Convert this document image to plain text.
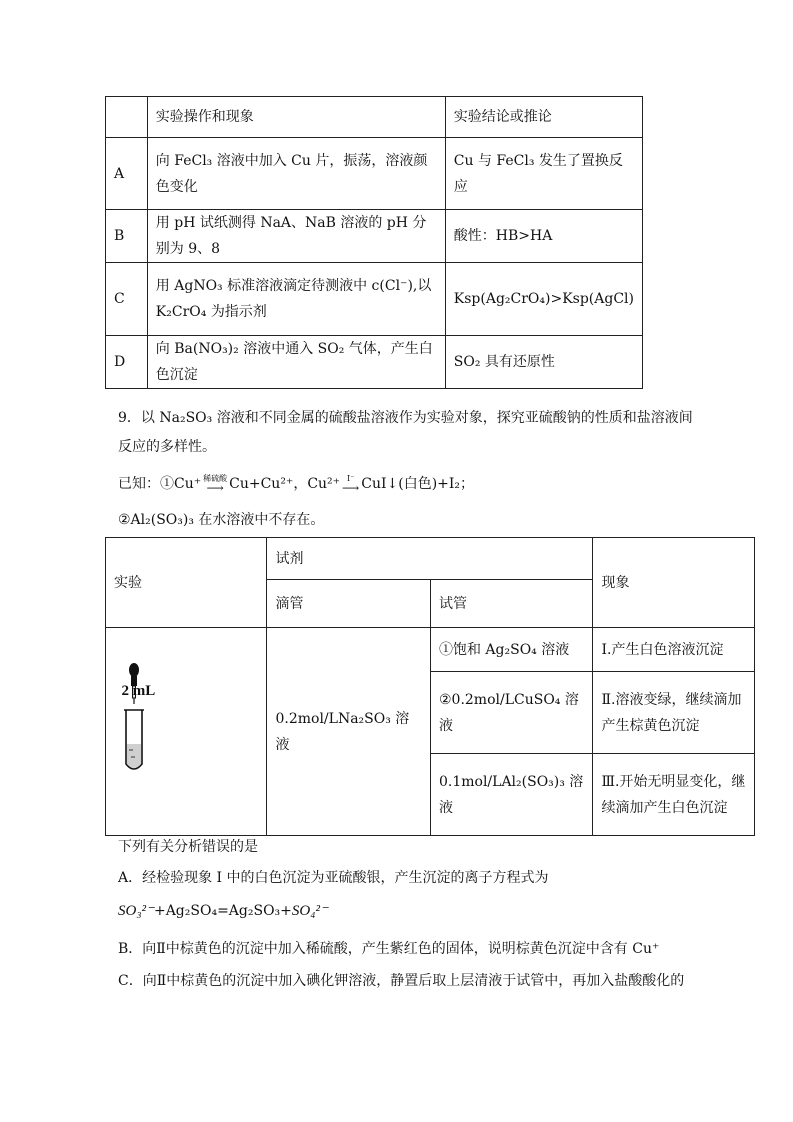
	实验操作和现象	实验结论或推论
A	向 FeCl₃ 溶液中加入 Cu 片，振荡，溶液颜色变化	Cu 与 FeCl₃ 发生了置换反应
B	用 pH 试纸测得 NaA、NaB 溶液的 pH 分别为 9、8	酸性：HB>HA
C	用 AgNO₃ 标准溶液滴定待测液中 c(Cl⁻),以 K₂CrO₄ 为指示剂	Ksp(Ag₂CrO₄)>Ksp(AgCl)
D	向 Ba(NO₃)₂ 溶液中通入 SO₂ 气体，产生白色沉淀	SO₂ 具有还原性
9．以 Na₂SO₃ 溶液和不同金属的硫酸盐溶液作为实验对象，探究亚硫酸钠的性质和盐溶液间
反应的多样性。
已知：①Cu⁺ 稀硫酸
⟶ Cu+Cu²⁺，Cu²⁺ I⁻
⟶ CuI↓(白色)+I₂；
②Al₂(SO₃)₃ 在水溶液中不存在。
实验	试剂		现象
	滴管	试管	

2 mL	0.2mol/LNa₂SO₃ 溶液	①饱和 Ag₂SO₄ 溶液	I.产生白色溶液沉淀
		②0.2mol/LCuSO₄ 溶液	Ⅱ.溶液变绿，继续滴加产生棕黄色沉淀
		0.1mol/LAl₂(SO₃)₃ 溶液	Ⅲ.开始无明显变化，继续滴加产生白色沉淀
下列有关分析错误的是
A．经检验现象 I 中的白色沉淀为亚硫酸银，产生沉淀的离子方程式为
SO₃²⁻+Ag₂SO₄=Ag₂SO₃+SO₄²⁻
B．向Ⅱ中棕黄色的沉淀中加入稀硫酸，产生紫红色的固体，说明棕黄色沉淀中含有 Cu⁺
C．向Ⅱ中棕黄色的沉淀中加入碘化钾溶液，静置后取上层清液于试管中，再加入盐酸酸化的
